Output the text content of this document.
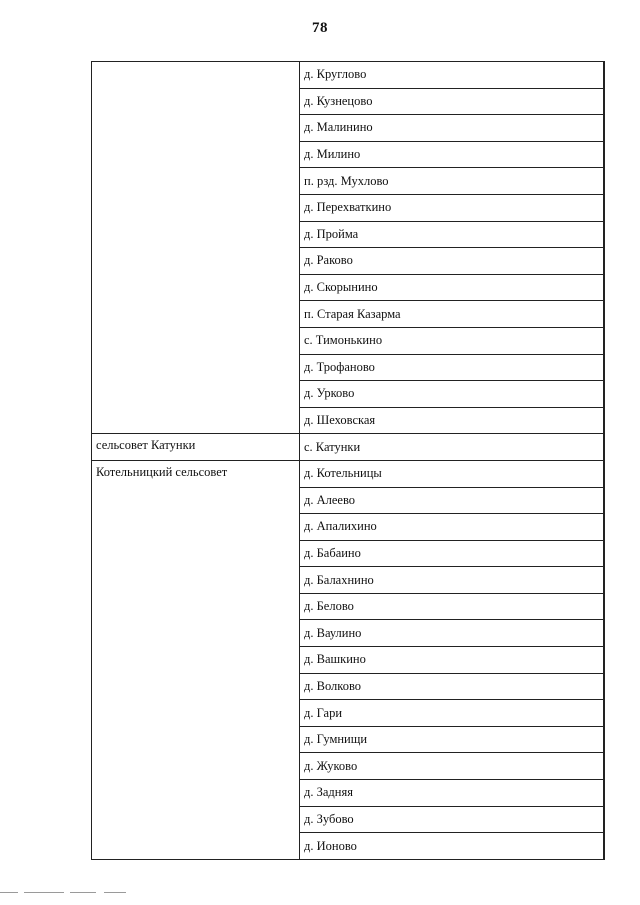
78
	д. Круглово
	д. Кузнецово
	д. Малинино
	д. Милино
	п. рзд. Мухлово
	д. Перехваткино
	д. Пройма
	д. Раково
	д. Скорынино
	п. Старая Казарма
	с. Тимонькино
	д. Трофаново
	д. Урково
	д. Шеховская
сельсовет Катунки	с. Катунки
Котельницкий сельсовет	д. Котельницы
	д. Алеево
	д. Апалихино
	д. Бабаино
	д. Балахнино
	д. Белово
	д. Ваулино
	д. Вашкино
	д. Волково
	д. Гари
	д. Гумнищи
	д. Жуково
	д. Задняя
	д. Зубово
	д. Ионово
